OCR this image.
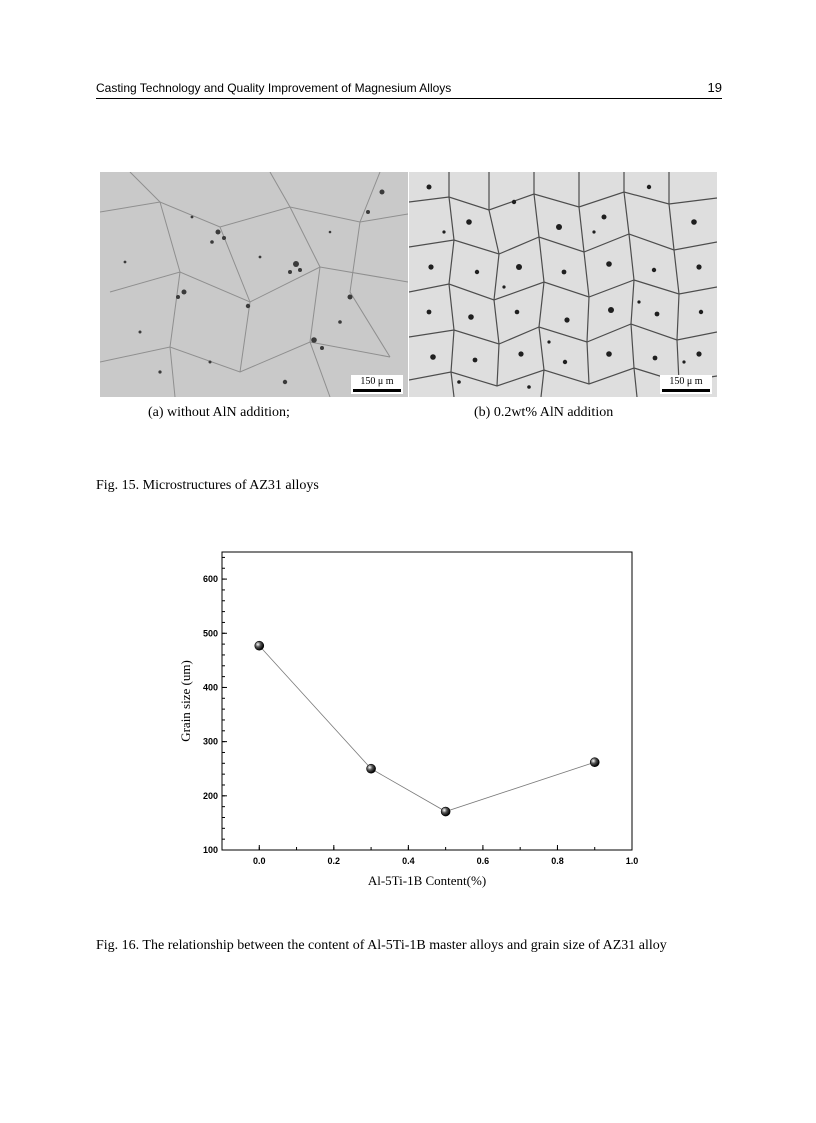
Casting Technology and Quality Improvement of Magnesium Alloys	19
150 μ m	150 μ m
(a) without AlN addition;	(b) 0.2wt% AlN addition
Fig. 15. Microstructures of AZ31 alloys
0.0	0.2	0.4	0.6	0.8	1.0
100
200
300
400
500
600
Al-5Ti-1B Content(%)
Grain size (um)
Fig. 16. The relationship between the content of Al-5Ti-1B master alloys and grain size of AZ31 alloy
